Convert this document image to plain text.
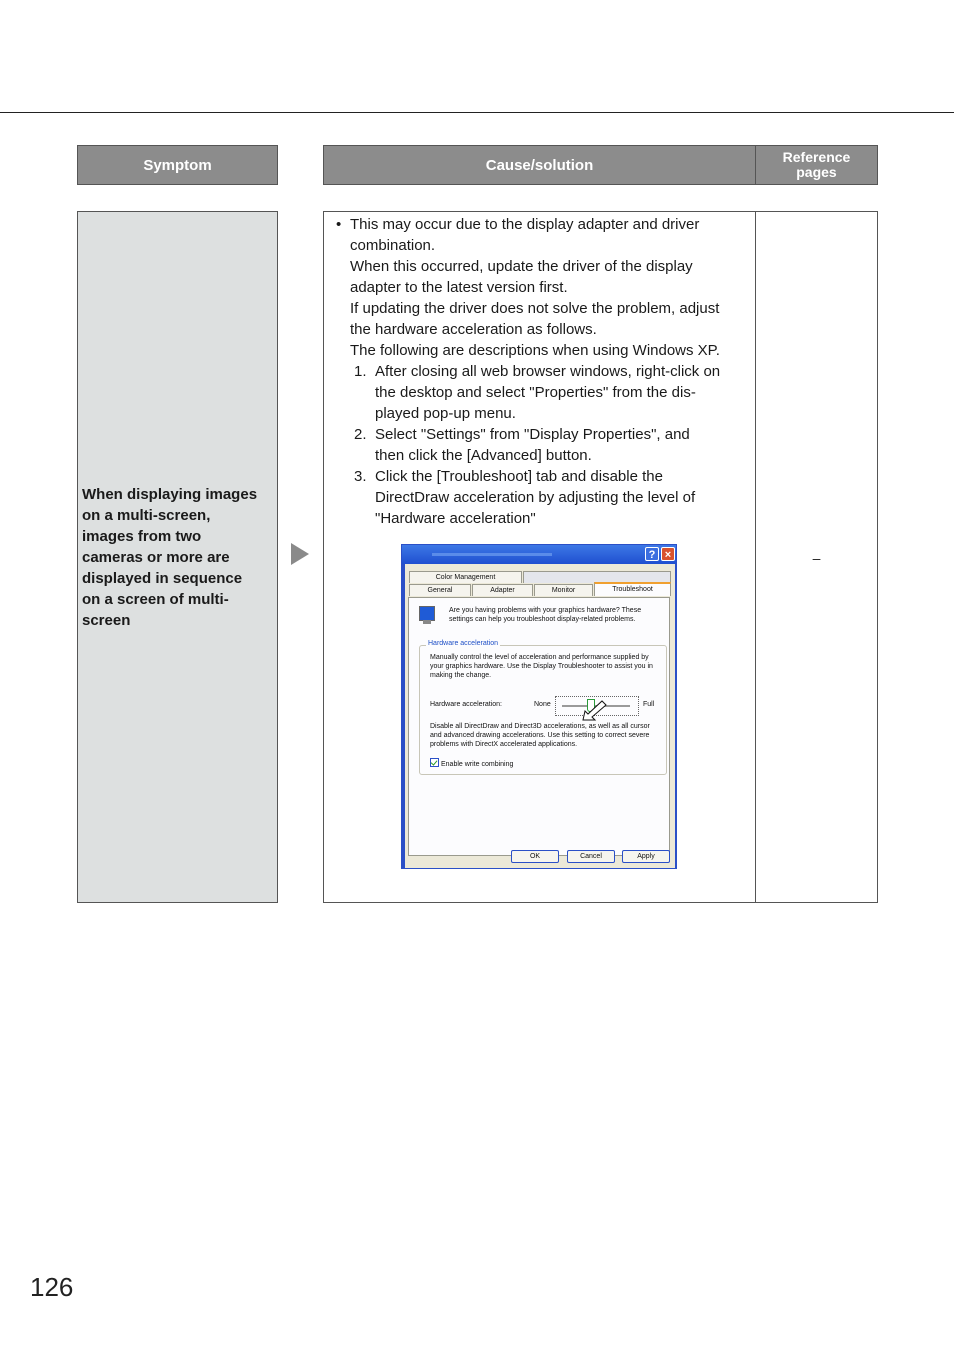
Symptom	Cause/solution	Reference
pages
When displaying images
on a multi-screen,
images from two
cameras or more are
displayed in sequence
on a screen of multi-
screen
• This may occur due to the display adapter and driver
combination.
When this occurred, update the driver of the display
adapter to the latest version first.
If updating the driver does not solve the problem, adjust
the hardware acceleration as follows.
The following are descriptions when using Windows XP.
1. After closing all web browser windows, right-click on
the desktop and select "Properties" from the dis-
played pop-up menu.
2. Select "Settings" from "Display Properties", and
then click the [Advanced] button.
3. Click the [Troubleshoot] tab and disable the
DirectDraw acceleration by adjusting the level of
"Hardware acceleration"
? ×
Color Management
General	Adapter	Monitor	Troubleshoot
Are you having problems with your graphics hardware? These settings can help you troubleshoot display-related problems.
Hardware acceleration
Manually control the level of acceleration and performance supplied by your graphics hardware. Use the Display Troubleshooter to assist you in making the change.
Hardware acceleration:	None	Full
Disable all DirectDraw and Direct3D accelerations, as well as all cursor and advanced drawing accelerations. Use this setting to correct severe problems with DirectX accelerated applications.
Enable write combining
OK	Cancel	Apply
–
126
